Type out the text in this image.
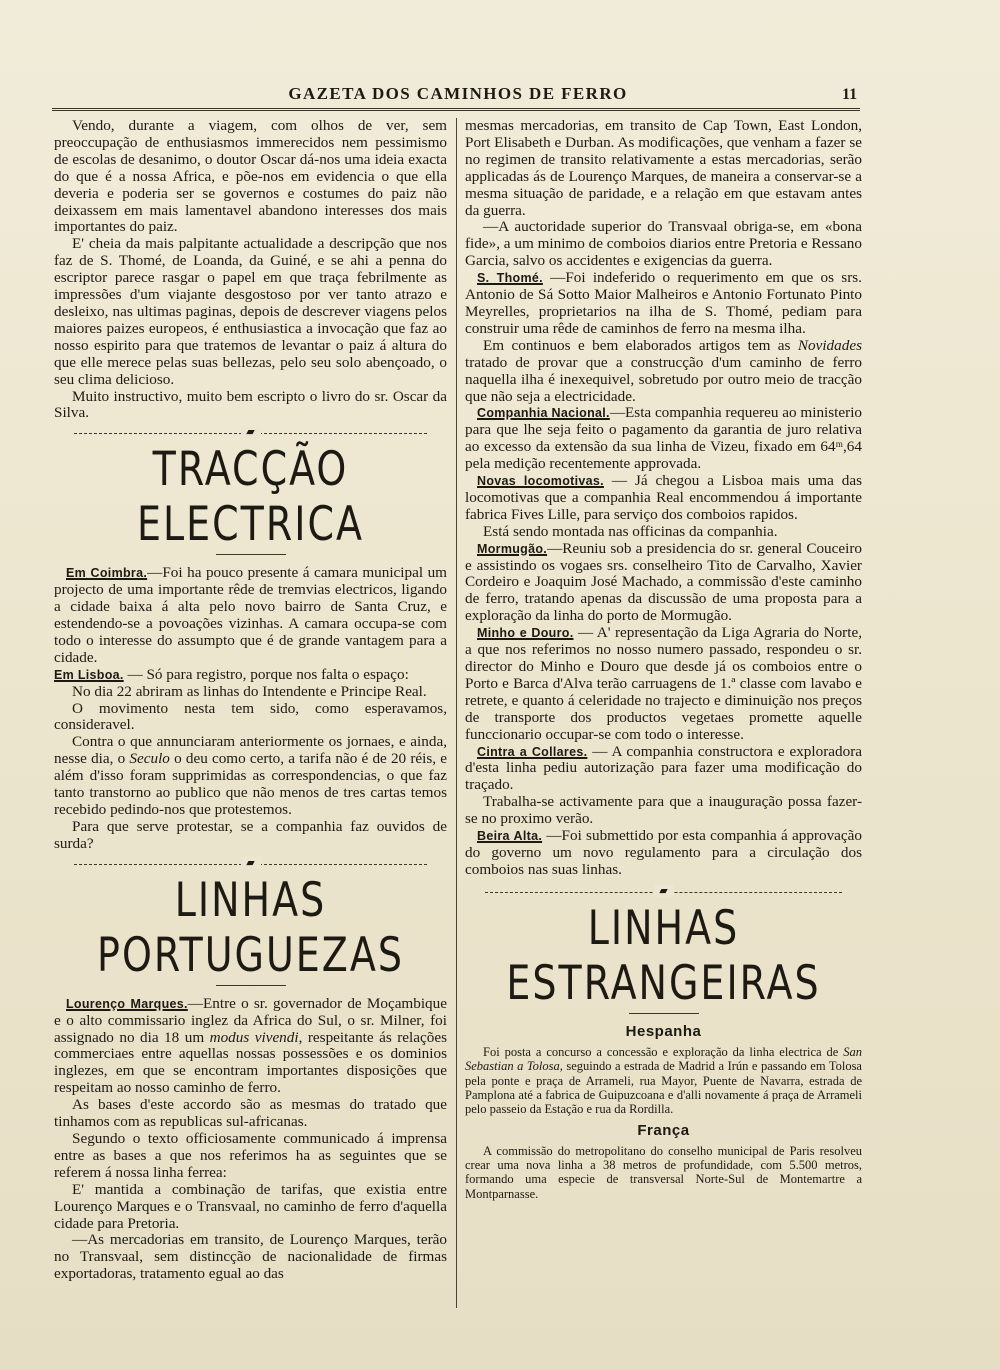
GAZETA DOS CAMINHOS DE FERRO	11

Vendo, durante a viagem, com olhos de ver, sem preoccupação de enthusiasmos immerecidos nem pessimismo de escolas de desanimo, o doutor Oscar dá-nos uma ideia exacta do que é a nossa Africa, e põe-nos em evidencia o que ella deveria e poderia ser se governos e costumes do paiz não deixassem em mais lamentavel abandono interesses dos mais importantes do paiz.

E' cheia da mais palpitante actualidade a descripção que nos faz de S. Thomé, de Loanda, da Guiné, e se ahi a penna do escriptor parece rasgar o papel em que traça febrilmente as impressões d'um viajante desgostoso por ver tanto atrazo e desleixo, nas ultimas paginas, depois de descrever viagens pelos maiores paizes europeos, é enthusiastica a invocação que faz ao nosso espirito para que tratemos de levantar o paiz á altura do que elle merece pelas suas bellezas, pelo seu solo abençoado, o seu clima delicioso.

Muito instructivo, muito bem escripto o livro do sr. Oscar da Silva.

▰
TRACÇÃO ELECTRICA

Em Coimbra.—Foi ha pouco presente á camara municipal um projecto de uma importante rêde de tremvias electricos, ligando a cidade baixa á alta pelo novo bairro de Santa Cruz, e estendendo-se a povoações vizinhas. A camara occupa-se com todo o interesse do assumpto que é de grande vantagem para a cidade.

Em Lisboa. — Só para registro, porque nos falta o espaço:

No dia 22 abriram as linhas do Intendente e Principe Real.

O movimento nesta tem sido, como esperavamos, consideravel.

Contra o que annunciaram anteriormente os jornaes, e ainda, nesse dia, o Seculo o deu como certo, a tarifa não é de 20 réis, e além d'isso foram supprimidas as correspondencias, o que faz tanto transtorno ao publico que não menos de tres cartas temos recebido pedindo-nos que protestemos.

Para que serve protestar, se a companhia faz ouvidos de surda?

▰
LINHAS PORTUGUEZAS

Lourenço Marques.—Entre o sr. governador de Moçambique e o alto commissario inglez da Africa do Sul, o sr. Milner, foi assignado no dia 18 um modus vivendi, respeitante ás relações commerciaes entre aquellas nossas possessões e os dominios inglezes, em que se encontram importantes disposições que respeitam ao nosso caminho de ferro.

As bases d'este accordo são as mesmas do tratado que tinhamos com as republicas sul-africanas.

Segundo o texto officiosamente communicado á imprensa entre as bases a que nos referimos ha as seguintes que se referem á nossa linha ferrea:

E' mantida a combinação de tarifas, que existia entre Lourenço Marques e o Transvaal, no caminho de ferro d'aquella cidade para Pretoria.

—As mercadorias em transito, de Lourenço Marques, terão no Transvaal, sem distincção de nacionalidade de firmas exportadoras, tratamento egual ao das

mesmas mercadorias, em transito de Cap Town, East London, Port Elisabeth e Durban. As modificações, que venham a fazer se no regimen de transito relativamente a estas mercadorias, serão applicadas ás de Lourenço Marques, de maneira a conservar-se a mesma situação de paridade, e a relação em que estavam antes da guerra.

—A auctoridade superior do Transvaal obriga-se, em «bona fide», a um minimo de comboios diarios entre Pretoria e Ressano Garcia, salvo os accidentes e exigencias da guerra.

S. Thomé. —Foi indeferido o requerimento em que os srs. Antonio de Sá Sotto Maior Malheiros e Antonio Fortunato Pinto Meyrelles, proprietarios na ilha de S. Thomé, pediam para construir uma rêde de caminhos de ferro na mesma ilha.

Em continuos e bem elaborados artigos tem as Novidades tratado de provar que a construcção d'um caminho de ferro naquella ilha é inexequivel, sobretudo por outro meio de tracção que não seja a electricidade.

Companhia Nacional.—Esta companhia requereu ao ministerio para que lhe seja feito o pagamento da garantia de juro relativa ao excesso da extensão da sua linha de Vizeu, fixado em 64ᵐ,64 pela medição recentemente approvada.

Novas locomotivas. — Já chegou a Lisboa mais uma das locomotivas que a companhia Real encommendou á importante fabrica Fives Lille, para serviço dos comboios rapidos.

Está sendo montada nas officinas da companhia.

Mormugão.—Reuniu sob a presidencia do sr. general Couceiro e assistindo os vogaes srs. conselheiro Tito de Carvalho, Xavier Cordeiro e Joaquim José Machado, a commissão d'este caminho de ferro, tratando apenas da discussão de uma proposta para a exploração da linha do porto de Mormugão.

Minho e Douro. — A' representação da Liga Agraria do Norte, a que nos referimos no nosso numero passado, respondeu o sr. director do Minho e Douro que desde já os comboios entre o Porto e Barca d'Alva terão carruagens de 1.ª classe com lavabo e retrete, e quanto á celeridade no trajecto e diminuição nos preços de transporte dos productos vegetaes promette aquelle funccionario occupar-se com todo o interesse.

Cintra a Collares. — A companhia constructora e exploradora d'esta linha pediu autorização para fazer uma modificação do traçado.

Trabalha-se activamente para que a inauguração possa fazer-se no proximo verão.

Beira Alta. —Foi submettido por esta companhia á approvação do governo um novo regulamento para a circulação dos comboios nas suas linhas.

▰
LINHAS ESTRANGEIRAS
Hespanha

Foi posta a concurso a concessão e exploração da linha electrica de San Sebastian a Tolosa, seguindo a estrada de Madrid a Irún e passando em Tolosa pela ponte e praça de Arrameli, rua Mayor, Puente de Navarra, estrada de Pamplona até a fabrica de Guipuzcoana e d'alli novamente á praça de Arrameli pelo passeio da Estação e rua da Rordilla.

França

A commissão do metropolitano do conselho municipal de Paris resolveu crear uma nova linha a 38 metros de profundidade, com 5.500 metros, formando uma especie de transversal Norte-Sul de Montemartre a Montparnasse.
